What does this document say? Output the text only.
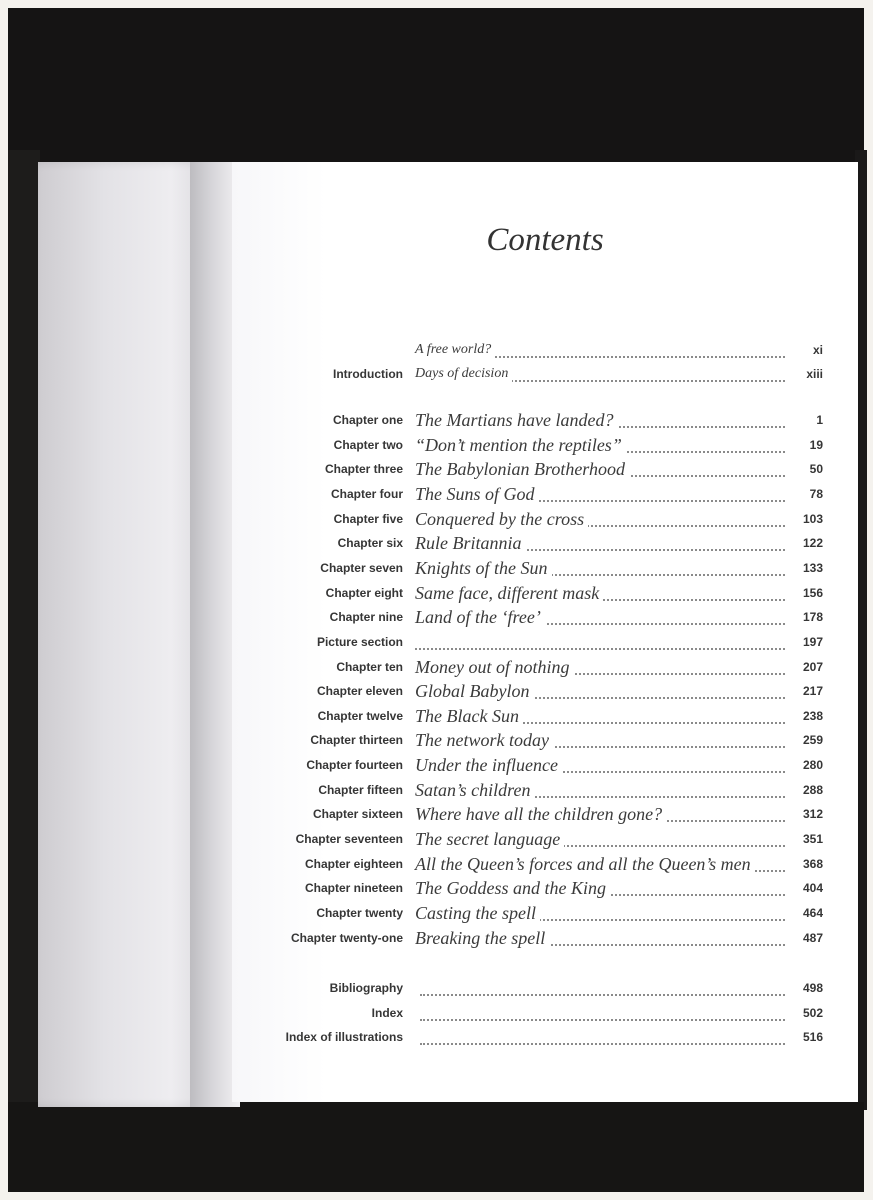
Contents
A free world?	xi
Introduction Days of decision	xiii
Chapter one The Martians have landed?	1
Chapter two “Don’t mention the reptiles”	19
Chapter three The Babylonian Brotherhood	50
Chapter four The Suns of God	78
Chapter five Conquered by the cross	103
Chapter six Rule Britannia	122
Chapter seven Knights of the Sun	133
Chapter eight Same face, different mask	156
Chapter nine Land of the ‘free’	178
Picture section	197
Chapter ten Money out of nothing	207
Chapter eleven Global Babylon	217
Chapter twelve The Black Sun	238
Chapter thirteen The network today	259
Chapter fourteen Under the influence	280
Chapter fifteen Satan’s children	288
Chapter sixteen Where have all the children gone?	312
Chapter seventeen The secret language	351
Chapter eighteen All the Queen’s forces and all the Queen’s men	368
Chapter nineteen The Goddess and the King	404
Chapter twenty Casting the spell	464
Chapter twenty-one Breaking the spell	487
Bibliography	498
Index	502
Index of illustrations	516
